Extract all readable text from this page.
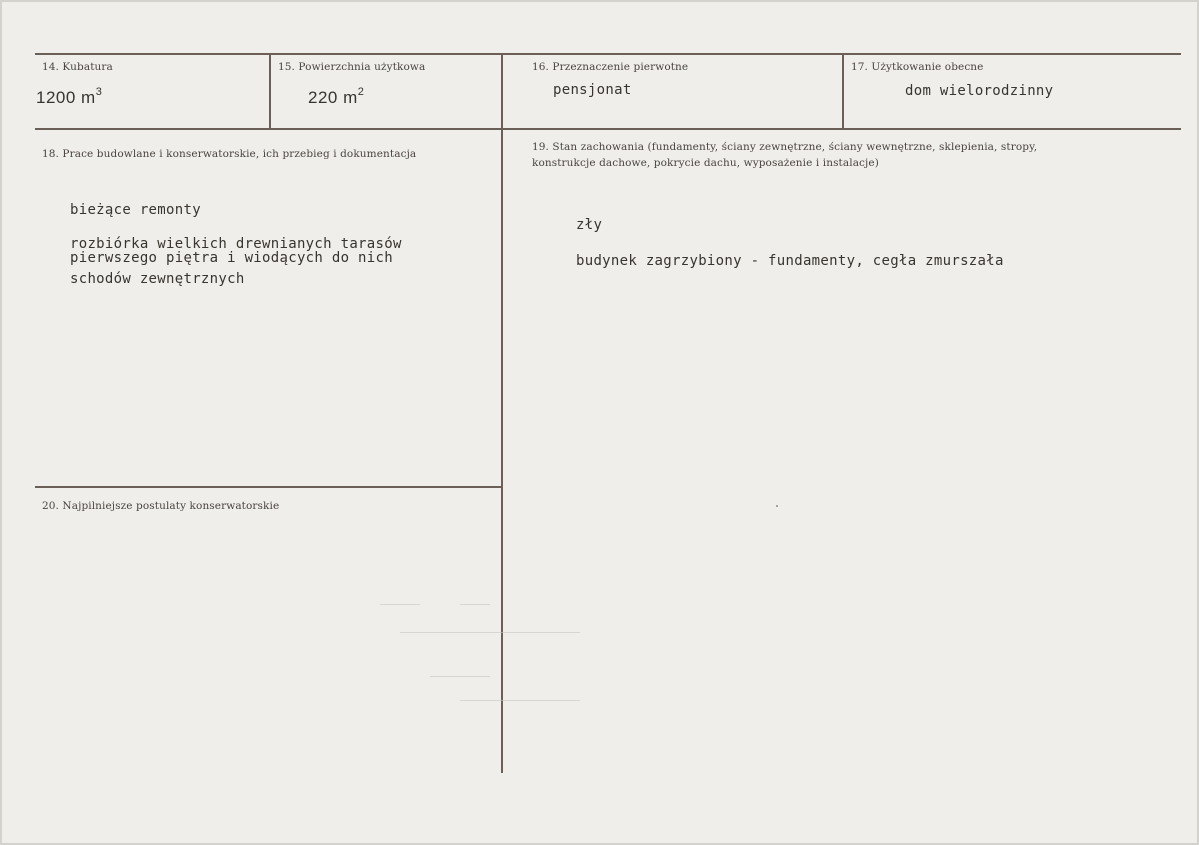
14. Kubatura
1200 $m^3$
15. Powierzchnia użytkowa
220 $m^2$
16. Przeznaczenie pierwotne
pensjonat
17. Użytkowanie obecne
dom wielorodzinny
18. Prace budowlane i konserwatorskie, ich przebieg i dokumentacja
bieżące remonty
rozbiórka wielkich drewnianych tarasów
pierwszego piętra i wiodących do nich
schodów zewnętrznych
19. Stan zachowania (fundamenty, ściany zewnętrzne, ściany wewnętrzne, sklepienia, stropy,
konstrukcje dachowe, pokrycie dachu, wyposażenie i instalacje)
zły
budynek zagrzybiony - fundamenty, cegła zmurszała
20. Najpilniejsze postulaty konserwatorskie
